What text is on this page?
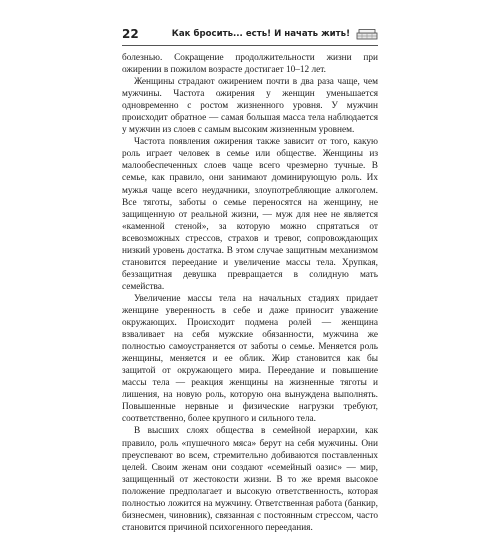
22	Как бросить... есть! И начать жить!

болезнью. Сокращение продолжительности жизни при ожирении в пожилом возрасте достигает 10–12 лет.

Женщины страдают ожирением почти в два раза чаще, чем мужчины. Частота ожирения у женщин уменьшается одновременно с ростом жизненного уровня. У мужчин происходит обратное — самая большая масса тела наблюдается у мужчин из слоев с самым высоким жизненным уровнем.

Частота появления ожирения также зависит от того, какую роль играет человек в семье или обществе. Женщины из малообеспеченных слоев чаще всего чрезмерно тучные. В семье, как правило, они занимают доминирующую роль. Их мужья чаще всего неудачники, злоупотребляющие алкоголем. Все тяготы, заботы о семье переносятся на женщину, не защищенную от реальной жизни, — муж для нее не является «каменной стеной», за которую можно спрятаться от всевозможных стрессов, страхов и тревог, сопровождающих низкий уровень достатка. В этом случае защитным механизмом становится переедание и увеличение массы тела. Хрупкая, беззащитная девушка превращается в солидную мать семейства.

Увеличение массы тела на начальных стадиях придает женщине уверенность в себе и даже приносит уважение окружающих. Происходит подмена ролей — женщина взваливает на себя мужские обязанности, мужчина же полностью самоустраняется от заботы о семье. Меняется роль женщины, меняется и ее облик. Жир становится как бы защитой от окружающего мира. Переедание и повышение массы тела — реакция женщины на жизненные тяготы и лишения, на новую роль, которую она вынуждена выполнять. Повышенные нервные и физические нагрузки требуют, соответственно, более крупного и сильного тела.

В высших слоях общества в семейной иерархии, как правило, роль «пушечного мяса» берут на себя мужчины. Они преуспевают во всем, стремительно добиваются поставленных целей. Своим женам они создают «семейный оазис» — мир, защищенный от жестокости жизни. В то же время высокое положение предполагает и высокую ответственность, которая полностью ложится на мужчину. Ответственная работа (банкир, бизнесмен, чиновник), связанная с постоянным стрессом, часто становится причиной психогенного переедания.
